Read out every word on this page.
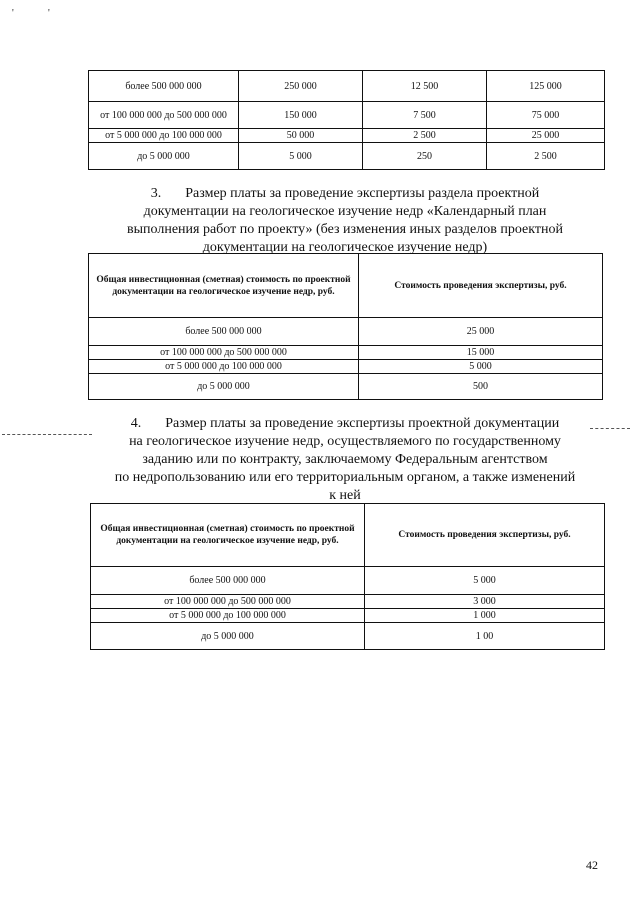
'	'
более 500 000 000	250 000	12 500	125 000
от 100 000 000 до 500 000 000	150 000	7 500	75 000
от 5 000 000 до 100 000 000	50 000	2 500	25 000
до 5 000 000	5 000	250	2 500
3. Размер платы за проведение экспертизы раздела проектной
документации на геологическое изучение недр «Календарный план
выполнения работ по проекту» (без изменения иных разделов проектной
документации на геологическое изучение недр)
Общая инвестиционная (сметная) стоимость по проектной документации на геологическое изучение недр, руб.	Стоимость проведения экспертизы, руб.
более 500 000 000	25 000
от 100 000 000 до 500 000 000	15 000
от 5 000 000 до 100 000 000	5 000
до 5 000 000	500
4. Размер платы за проведение экспертизы проектной документации
на геологическое изучение недр, осуществляемого по государственному
заданию или по контракту, заключаемому Федеральным агентством
по недропользованию или его территориальным органом, а также изменений
к ней
Общая инвестиционная (сметная) стоимость по проектной документации на геологическое изучение недр, руб.	Стоимость проведения экспертизы, руб.
более 500 000 000	5 000
от 100 000 000 до 500 000 000	3 000
от 5 000 000 до 100 000 000	1 000
до 5 000 000	1 00
42
